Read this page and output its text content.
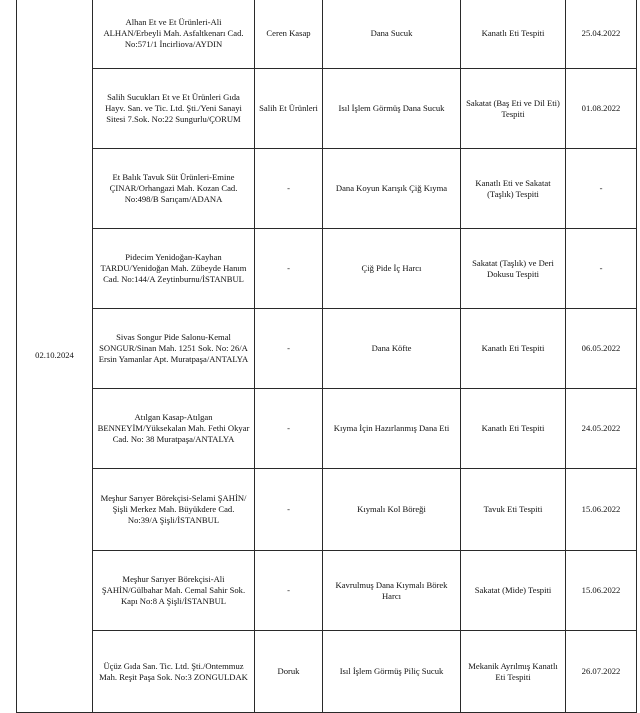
02.10.2024	Alhan Et ve Et Ürünleri-Ali ALHAN/Erbeyli Mah. Asfaltkenarı Cad. No:571/1 İncirliova/AYDIN	Ceren Kasap	Dana Sucuk	Kanatlı Eti Tespiti	25.04.2022

	Salih Sucukları Et ve Et Ürünleri Gıda Hayv. San. ve Tic. Ltd. Şti./Yeni Sanayi Sitesi 7.Sok. No:22 Sungurlu/ÇORUM	Salih Et Ürünleri	Isıl İşlem Görmüş Dana Sucuk	Sakatat (Baş Eti ve Dil Eti) Tespiti	01.08.2022

	Et Balık Tavuk Süt Ürünleri-Emine ÇINAR/Orhangazi Mah. Kozan Cad. No:498/B Sarıçam/ADANA	-	Dana Koyun Karışık Çiğ Kıyma	Kanatlı Eti ve Sakatat (Taşlık) Tespiti	-

	Pidecim Yenidoğan-Kayhan TARDU/Yenidoğan Mah. Zübeyde Hanım Cad. No:144/A Zeytinburnu/İSTANBUL	-	Çiğ Pide İç Harcı	Sakatat (Taşlık) ve Deri Dokusu Tespiti	-

	Sivas Songur Pide Salonu-Kemal SONGUR/Sinan Mah. 1251 Sok. No: 26/A Ersin Yamanlar Apt. Muratpaşa/ANTALYA	-	Dana Köfte	Kanatlı Eti Tespiti	06.05.2022

	Atılgan Kasap-Atılgan BENNEYİM/Yüksekalan Mah. Fethi Okyar Cad. No: 38 Muratpaşa/ANTALYA	-	Kıyma İçin Hazırlanmış Dana Eti	Kanatlı Eti Tespiti	24.05.2022

	Meşhur Sarıyer Börekçisi-Selami ŞAHİN/Şişli Merkez Mah. Büyükdere Cad. No:39/A Şişli/İSTANBUL	-	Kıymalı Kol Böreği	Tavuk Eti Tespiti	15.06.2022

	Meşhur Sarıyer Börekçisi-Ali ŞAHİN/Gülbahar Mah. Cemal Sahir Sok. Kapı No:8 A Şişli/İSTANBUL	-	Kavrulmuş Dana Kıymalı Börek Harcı	Sakatat (Mide) Tespiti	15.06.2022

	Üçüz Gıda San. Tic. Ltd. Şti./Ontemmuz Mah. Reşit Paşa Sok. No:3 ZONGULDAK	Doruk	Isıl İşlem Görmüş Piliç Sucuk	Mekanik Ayrılmış Kanatlı Eti Tespiti	26.07.2022
